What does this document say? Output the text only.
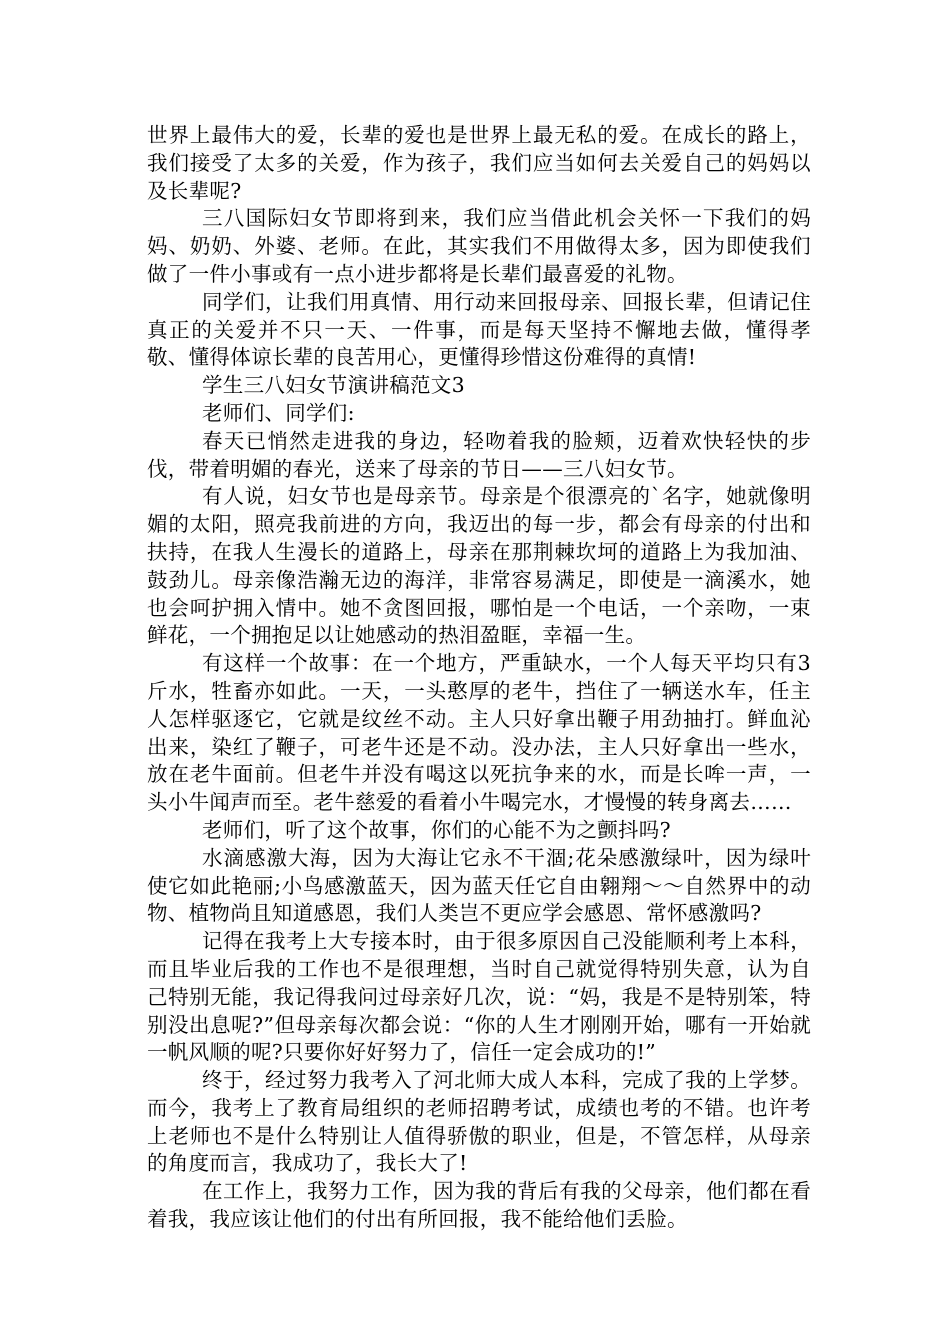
世界上最伟大的爱，长辈的爱也是世界上最无私的爱。在成长的路上，我们接受了太多的关爱，作为孩子，我们应当如何去关爱自己的妈妈以及长辈呢?

三八国际妇女节即将到来，我们应当借此机会关怀一下我们的妈妈、奶奶、外婆、老师。在此，其实我们不用做得太多，因为即使我们做了一件小事或有一点小进步都将是长辈们最喜爱的礼物。

同学们，让我们用真情、用行动来回报母亲、回报长辈，但请记住真正的关爱并不只一天、一件事，而是每天坚持不懈地去做，懂得孝敬、懂得体谅长辈的良苦用心，更懂得珍惜这份难得的真情!

学生三八妇女节演讲稿范文3

老师们、同学们:

春天已悄然走进我的身边，轻吻着我的脸颊，迈着欢快轻快的步伐，带着明媚的春光，送来了母亲的节日——三八妇女节。

有人说，妇女节也是母亲节。母亲是个很漂亮的`名字，她就像明媚的太阳，照亮我前进的方向，我迈出的每一步，都会有母亲的付出和扶持，在我人生漫长的道路上，母亲在那荆棘坎坷的道路上为我加油、鼓劲儿。母亲像浩瀚无边的海洋，非常容易满足，即使是一滴溪水，她也会呵护拥入情中。她不贪图回报，哪怕是一个电话，一个亲吻，一束鲜花，一个拥抱足以让她感动的热泪盈眶，幸福一生。

有这样一个故事：在一个地方，严重缺水，一个人每天平均只有3斤水，牲畜亦如此。一天，一头憨厚的老牛，挡住了一辆送水车，任主人怎样驱逐它，它就是纹丝不动。主人只好拿出鞭子用劲抽打。鲜血沁出来，染红了鞭子，可老牛还是不动。没办法，主人只好拿出一些水，放在老牛面前。但老牛并没有喝这以死抗争来的水，而是长哞一声，一头小牛闻声而至。老牛慈爱的看着小牛喝完水，才慢慢的转身离去……

老师们，听了这个故事，你们的心能不为之颤抖吗?

水滴感激大海，因为大海让它永不干涸;花朵感激绿叶，因为绿叶使它如此艳丽;小鸟感激蓝天，因为蓝天任它自由翱翔～～自然界中的动物、植物尚且知道感恩，我们人类岂不更应学会感恩、常怀感激吗?

记得在我考上大专接本时，由于很多原因自己没能顺利考上本科，而且毕业后我的工作也不是很理想，当时自己就觉得特别失意，认为自己特别无能，我记得我问过母亲好几次，说：“妈，我是不是特别笨，特别没出息呢?”但母亲每次都会说：“你的人生才刚刚开始，哪有一开始就一帆风顺的呢?只要你好好努力了，信任一定会成功的!”

终于，经过努力我考入了河北师大成人本科，完成了我的上学梦。而今，我考上了教育局组织的老师招聘考试，成绩也考的不错。也许考上老师也不是什么特别让人值得骄傲的职业，但是，不管怎样，从母亲的角度而言，我成功了，我长大了!

在工作上，我努力工作，因为我的背后有我的父母亲，他们都在看着我，我应该让他们的付出有所回报，我不能给他们丢脸。
